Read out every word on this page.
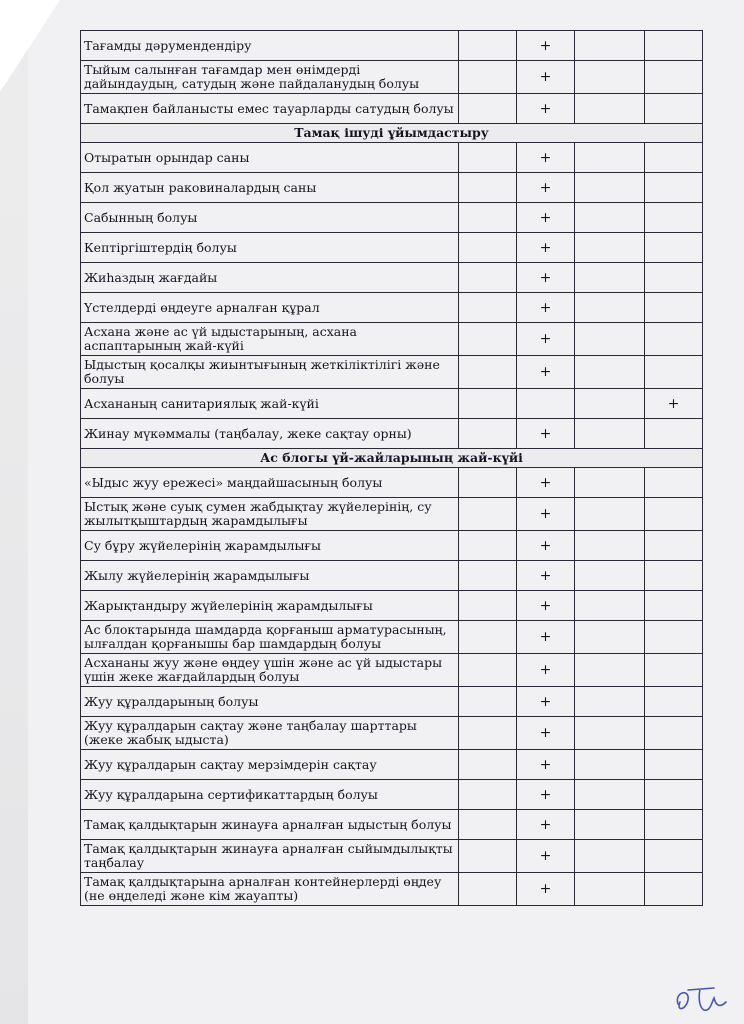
Тағамды дәрумендендіру		+		
Тыйым салынған тағамдар мен өнімдерді дайындаудың, сатудың және пайдаланудың болуы		+		
Тамақпен байланысты емес тауарларды сатудың болуы		+		
Тамақ ішуді ұйымдастыру				
Отыратын орындар саны		+		
Қол жуатын раковиналардың саны		+		
Сабынның болуы		+		
Кептіргіштердің болуы		+		
Жиһаздың жағдайы		+		
Үстелдерді өңдеуге арналған құрал		+		
Асхана және ас үй ыдыстарының, асхана аспаптарының жай-күйі		+		
Ыдыстың қосалқы жиынтығының жеткіліктілігі және болуы		+		
Асхананың санитариялық жай-күйі				+
Жинау мүкәммалы (таңбалау, жеке сақтау орны)		+		
Ас блогы үй-жайларының жай-күйі				
«Ыдыс жуу ережесі» маңдайшасының болуы		+		
Ыстық және суық сумен жабдықтау жүйелерінің, су жылытқыштардың жарамдылығы		+		
Су бұру жүйелерінің жарамдылығы		+		
Жылу жүйелерінің жарамдылығы		+		
Жарықтандыру жүйелерінің жарамдылығы		+		
Ас блоктарында шамдарда қорғаныш арматурасының, ылғалдан қорғанышы бар шамдардың болуы		+		
Асхананы жуу және өңдеу үшін және ас үй ыдыстары үшін жеке жағдайлардың болуы		+		
Жуу құралдарының болуы		+		
Жуу құралдарын сақтау және таңбалау шарттары (жеке жабық ыдыста)		+		
Жуу құралдарын сақтау мерзімдерін сақтау		+		
Жуу құралдарына сертификаттардың болуы		+		
Тамақ қалдықтарын жинауға арналған ыдыстың болуы		+		
Тамақ қалдықтарын жинауға арналған сыйымдылықты таңбалау		+		
Тамақ қалдықтарына арналған контейнерлерді өңдеу (не өңделеді және кім жауапты)		+		
